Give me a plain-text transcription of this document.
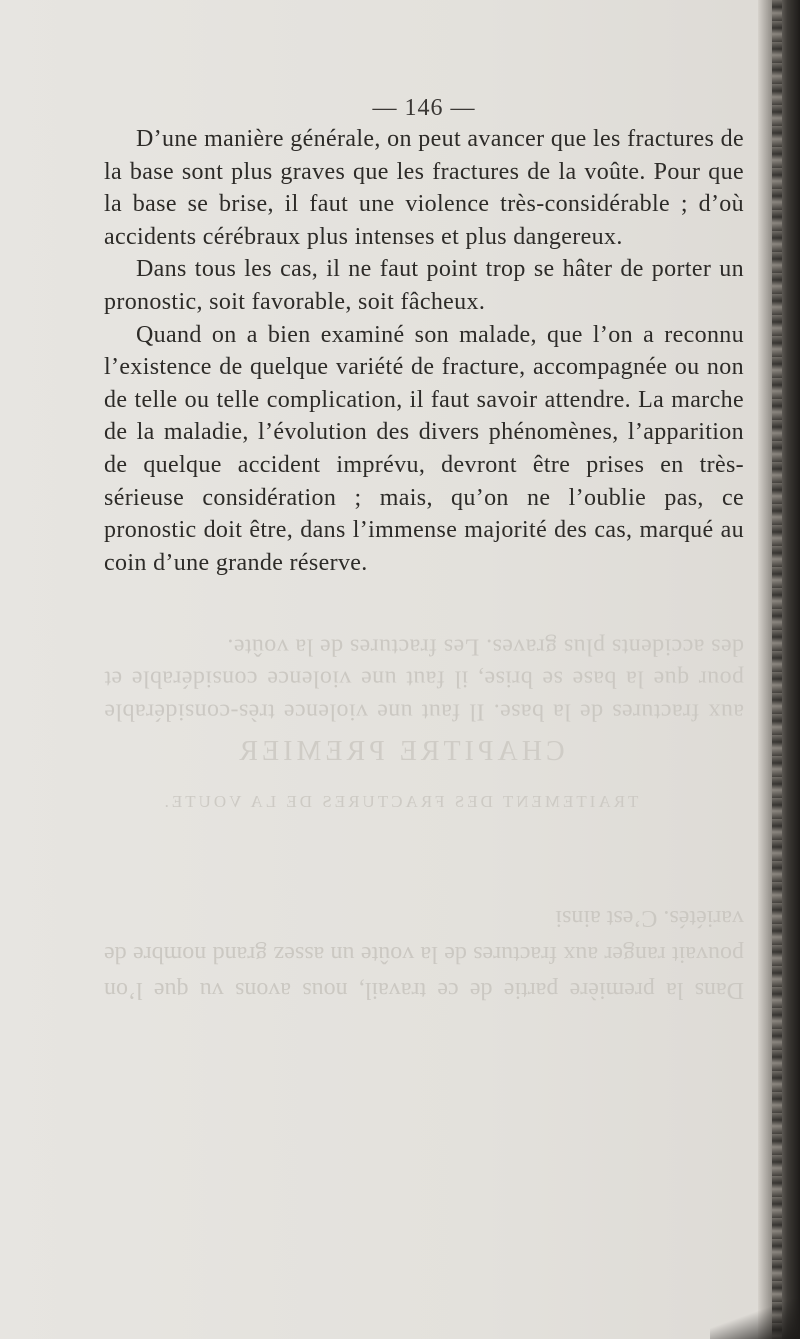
aux fractures de la base. Il faut une violence très-considérable pour que la base se brise, il faut une violence considérable et des accidents plus graves. Les fractures de la voûte.
CHAPITRE PREMIER
TRAITEMENT DES FRACTURES DE LA VOUTE.
Dans la première partie de ce travail, nous avons vu que l’on pouvait ranger aux fractures de la voûte un assez grand nombre de variétés. C’est ainsi
— 146 —

D’une manière générale, on peut avancer que les fractures de la base sont plus graves que les fractures de la voûte. Pour que la base se brise, il faut une violence très-considérable ; d’où accidents cérébraux plus intenses et plus dangereux.

Dans tous les cas, il ne faut point trop se hâter de porter un pronostic, soit favorable, soit fâcheux.

Quand on a bien examiné son malade, que l’on a reconnu l’existence de quelque variété de fracture, accompagnée ou non de telle ou telle complication, il faut savoir attendre. La marche de la maladie, l’évolution des divers phénomènes, l’apparition de quelque accident imprévu, devront être prises en très-sérieuse considération ; mais, qu’on ne l’oublie pas, ce pronostic doit être, dans l’immense majorité des cas, marqué au coin d’une grande réserve.
